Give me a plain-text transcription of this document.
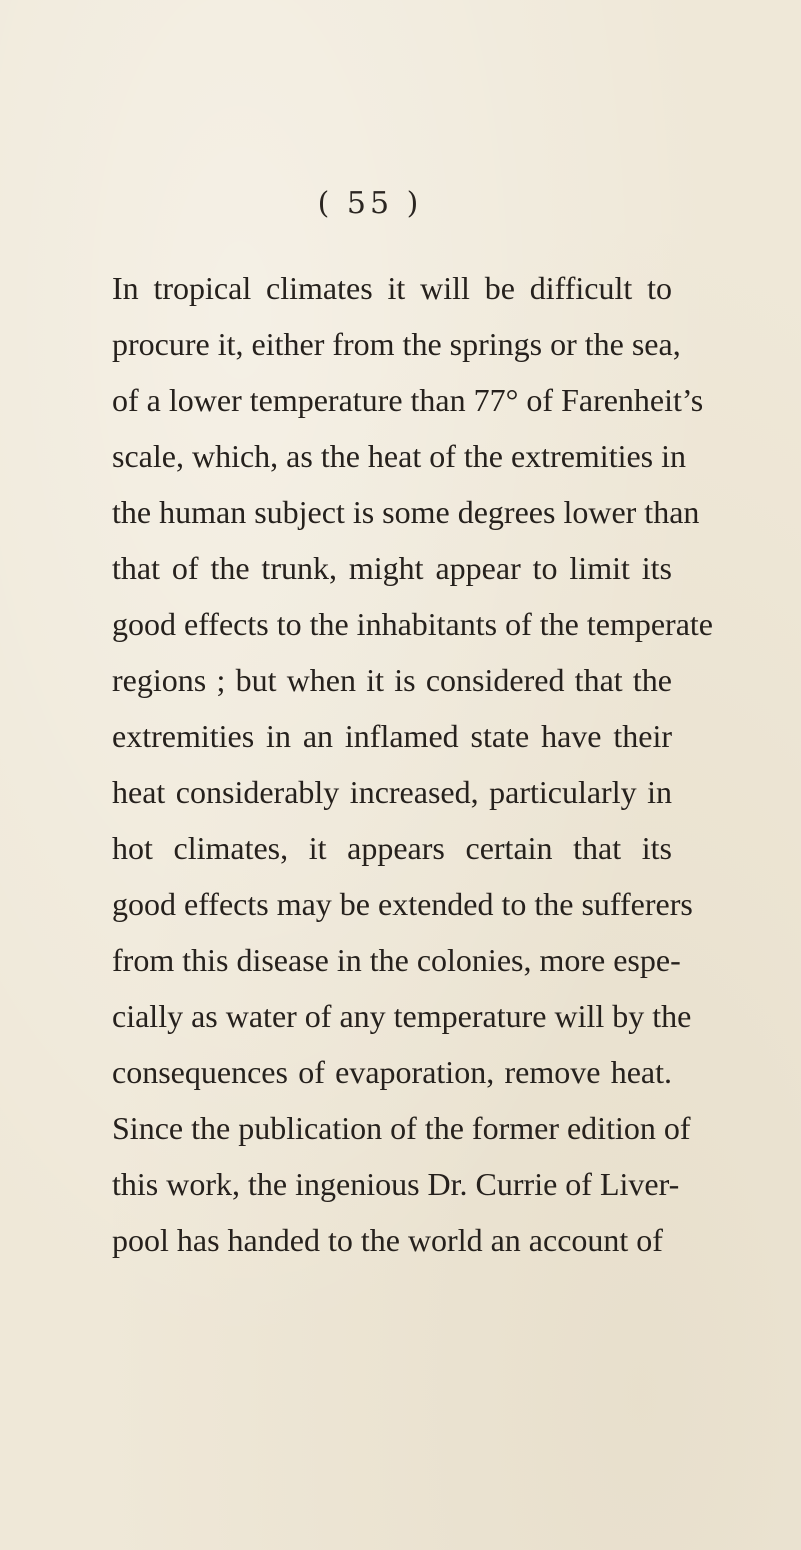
( 55 )
In tropical climates it will be difficult to
procure it, either from the springs or the sea,
of a lower temperature than 77° of Farenheit’s
scale, which, as the heat of the extremities in
the human subject is some degrees lower than
that of the trunk, might appear to limit its
good effects to the inhabitants of the temperate
regions ; but when it is considered that the
extremities in an inflamed state have their
heat considerably increased, particularly in
hot climates, it appears certain that its
good effects may be extended to the sufferers
from this disease in the colonies, more espe-
cially as water of any temperature will by the
consequences of evaporation, remove heat.
Since the publication of the former edition of
this work, the ingenious Dr. Currie of Liver-
pool has handed to the world an account of
